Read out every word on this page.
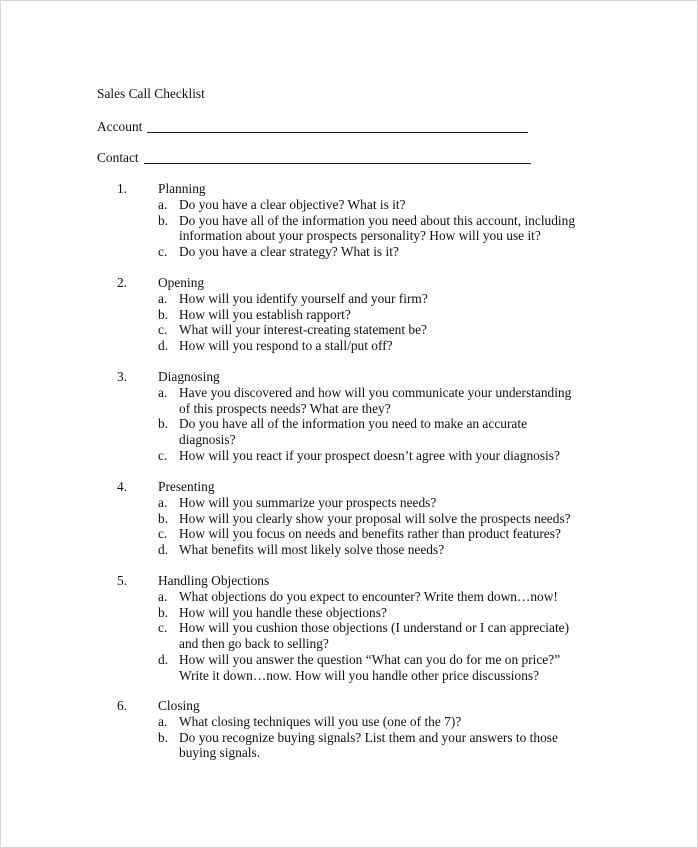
Sales Call Checklist
Account
Contact
1. Planning
a. Do you have a clear objective? What is it?
b. Do you have all of the information you need about this account, including
information about your prospects personality? How will you use it?
c. Do you have a clear strategy? What is it?
2. Opening
a. How will you identify yourself and your firm?
b. How will you establish rapport?
c. What will your interest-creating statement be?
d. How will you respond to a stall/put off?
3. Diagnosing
a. Have you discovered and how will you communicate your understanding
of this prospects needs? What are they?
b. Do you have all of the information you need to make an accurate
diagnosis?
c. How will you react if your prospect doesn’t agree with your diagnosis?
4. Presenting
a. How will you summarize your prospects needs?
b. How will you clearly show your proposal will solve the prospects needs?
c. How will you focus on needs and benefits rather than product features?
d. What benefits will most likely solve those needs?
5. Handling Objections
a. What objections do you expect to encounter? Write them down…now!
b. How will you handle these objections?
c. How will you cushion those objections (I understand or I can appreciate)
and then go back to selling?
d. How will you answer the question “What can you do for me on price?”
Write it down…now. How will you handle other price discussions?
6. Closing
a. What closing techniques will you use (one of the 7)?
b. Do you recognize buying signals? List them and your answers to those
buying signals.
